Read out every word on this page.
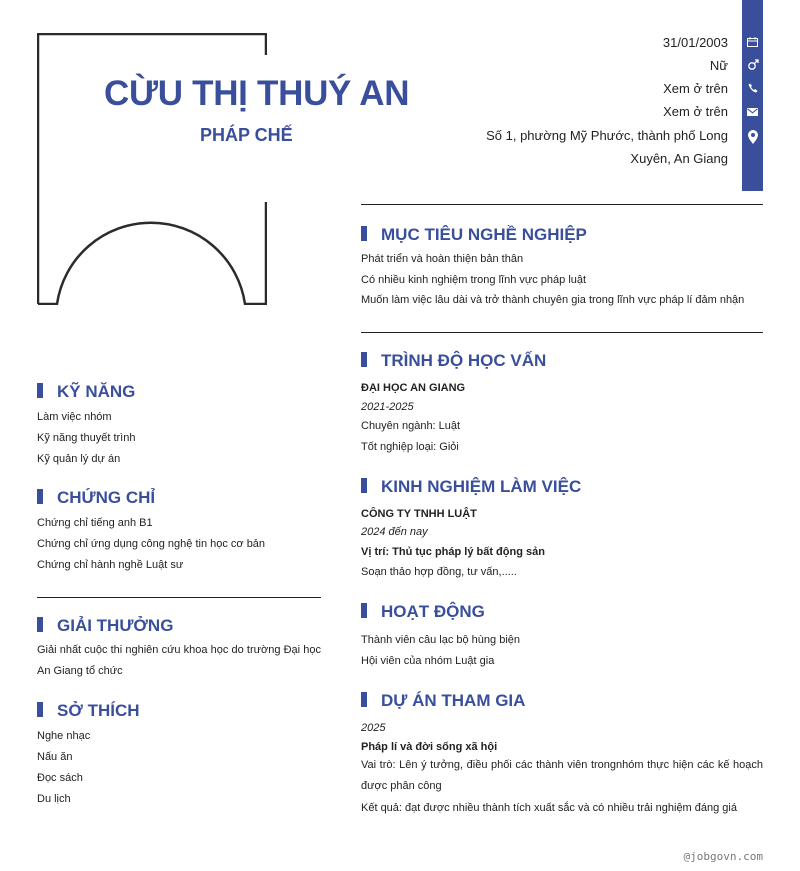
CỪU THỊ THUÝ AN
PHÁP CHẾ
31/01/2003
Nữ
Xem ở trên
Xem ở trên
Số 1, phường Mỹ Phước, thành phố Long
Xuyên, An Giang
KỸ NĂNG
Làm việc nhóm
Kỹ năng thuyết trình
Kỹ quản lý dự án
CHỨNG CHỈ
Chứng chỉ tiếng anh B1
Chứng chỉ ứng dụng công nghệ tin học cơ bản
Chứng chỉ hành nghề Luật sư
GIẢI THƯỞNG
Giải nhất cuộc thi nghiên cứu khoa học do trường Đại học An Giang tổ chức
SỞ THÍCH
Nghe nhạc
Nấu ăn
Đọc sách
Du lịch
MỤC TIÊU NGHỀ NGHIỆP
Phát triển và hoàn thiện bản thân
Có nhiều kinh nghiệm trong lĩnh vực pháp luật
Muốn làm việc lâu dài và trở thành chuyên gia trong lĩnh vực pháp lí đảm nhận
TRÌNH ĐỘ HỌC VẤN
ĐẠI HỌC AN GIANG
2021-2025
Chuyên ngành: Luật
Tốt nghiệp loại: Giỏi
KINH NGHIỆM LÀM VIỆC
CÔNG TY TNHH LUẬT
2024 đến nay
Vị trí: Thủ tục pháp lý bất động sản
Soạn thảo hợp đồng, tư vấn,.....
HOẠT ĐỘNG
Thành viên câu lạc bộ hùng biện
Hội viên của nhóm Luật gia
DỰ ÁN THAM GIA
2025
Pháp lí và đời sống xã hội
Vai trò: Lên ý tưởng, điều phối các thành viên trongnhóm thực hiện các kế hoạch được phân công
Kết quả: đạt được nhiều thành tích xuất sắc và có nhiều trải nghiệm đáng giá
@jobgovn.com
